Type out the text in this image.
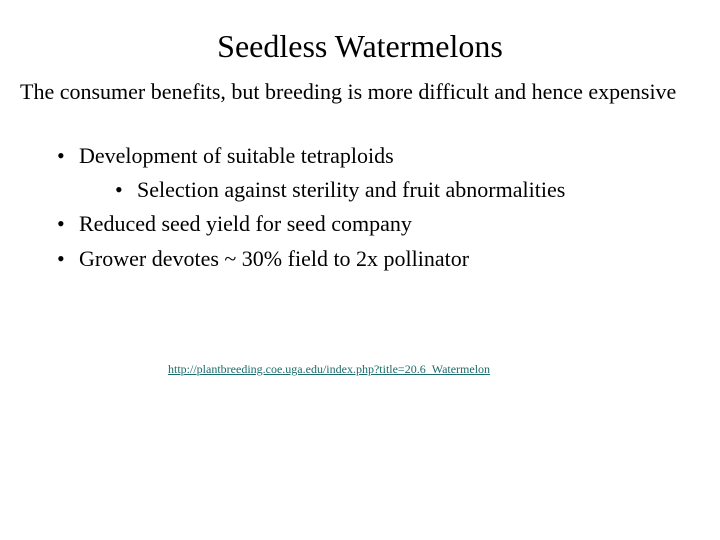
Seedless Watermelons
The consumer benefits, but breeding is more difficult and hence expensive
• Development of suitable tetraploids
• Selection against sterility and fruit abnormalities
• Reduced seed yield for seed company
• Grower devotes ~ 30% field to 2x pollinator
http://plantbreeding.coe.uga.edu/index.php?title=20.6_Watermelon
